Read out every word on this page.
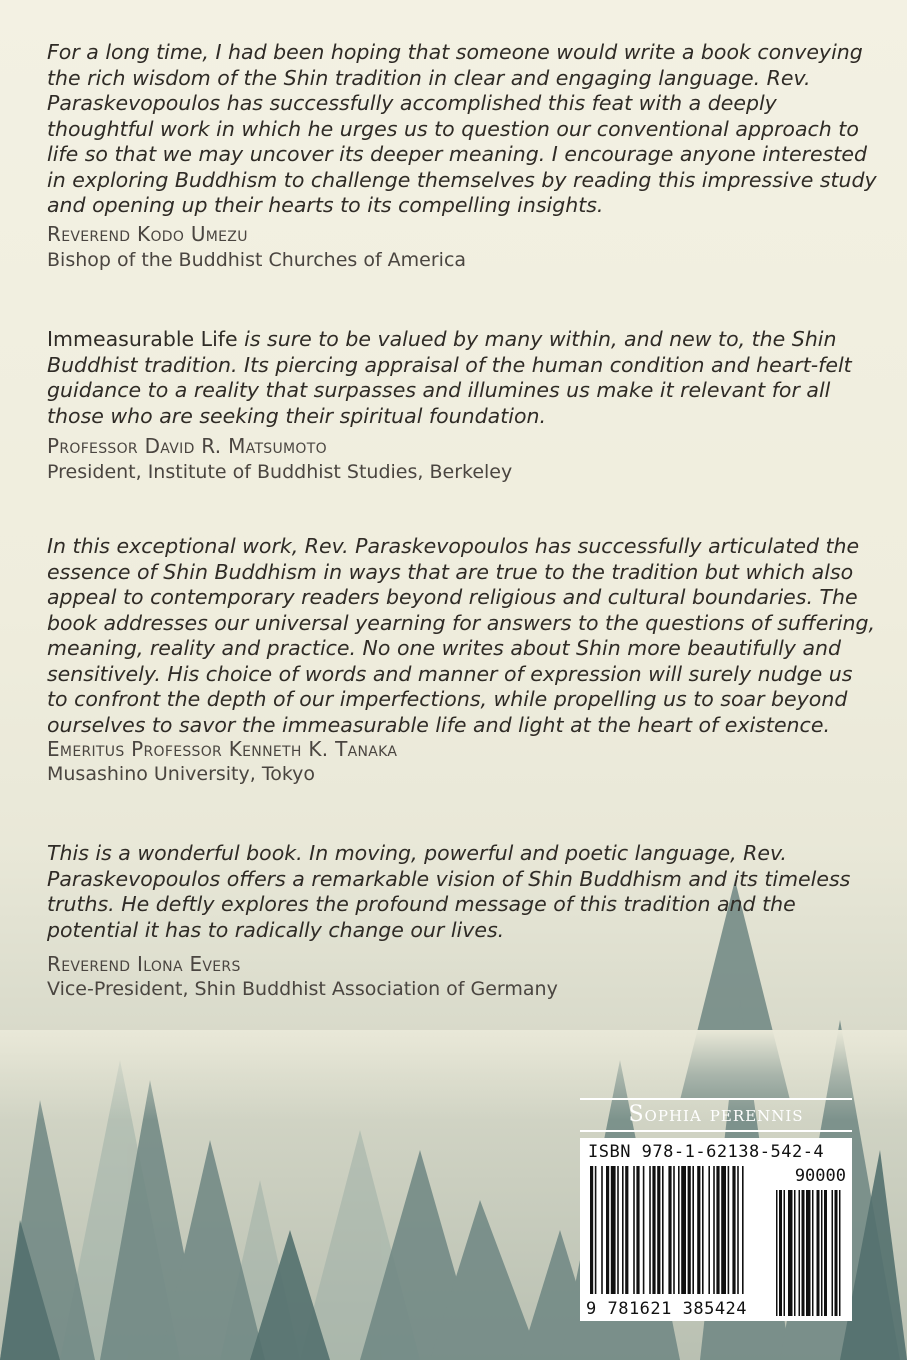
For a long time, I had been hoping that someone would write a book conveying the rich wisdom of the Shin tradition in clear and engaging language. Rev. Paraskevopoulos has successfully accomplished this feat with a deeply thoughtful work in which he urges us to question our conventional approach to life so that we may uncover its deeper meaning. I encourage anyone interested in exploring Buddhism to challenge themselves by reading this impressive study and opening up their hearts to its compelling insights.
Reverend Kodo Umezu
Bishop of the Buddhist Churches of America
Immeasurable Life is sure to be valued by many within, and new to, the Shin Buddhist tradition. Its piercing appraisal of the human condition and heart-felt guidance to a reality that surpasses and illumines us make it relevant for all those who are seeking their spiritual foundation.
Professor David R. Matsumoto
President, Institute of Buddhist Studies, Berkeley
In this exceptional work, Rev. Paraskevopoulos has successfully articulated the essence of Shin Buddhism in ways that are true to the tradition but which also appeal to contemporary readers beyond religious and cultural boundaries. The book addresses our universal yearning for answers to the questions of suffering, meaning, reality and practice. No one writes about Shin more beautifully and sensitively. His choice of words and manner of expression will surely nudge us to confront the depth of our imperfections, while propelling us to soar beyond ourselves to savor the immeasurable life and light at the heart of existence.
Emeritus Professor Kenneth K. Tanaka
Musashino University, Tokyo
This is a wonderful book. In moving, powerful and poetic language, Rev. Paraskevopoulos offers a remarkable vision of Shin Buddhism and its timeless truths. He deftly explores the profound message of this tradition and the potential it has to radically change our lives.
Reverend Ilona Evers
Vice-President, Shin Buddhist Association of Germany
Sophia perennis
ISBN 978-1-62138-542-4
90000
9 781621 385424
